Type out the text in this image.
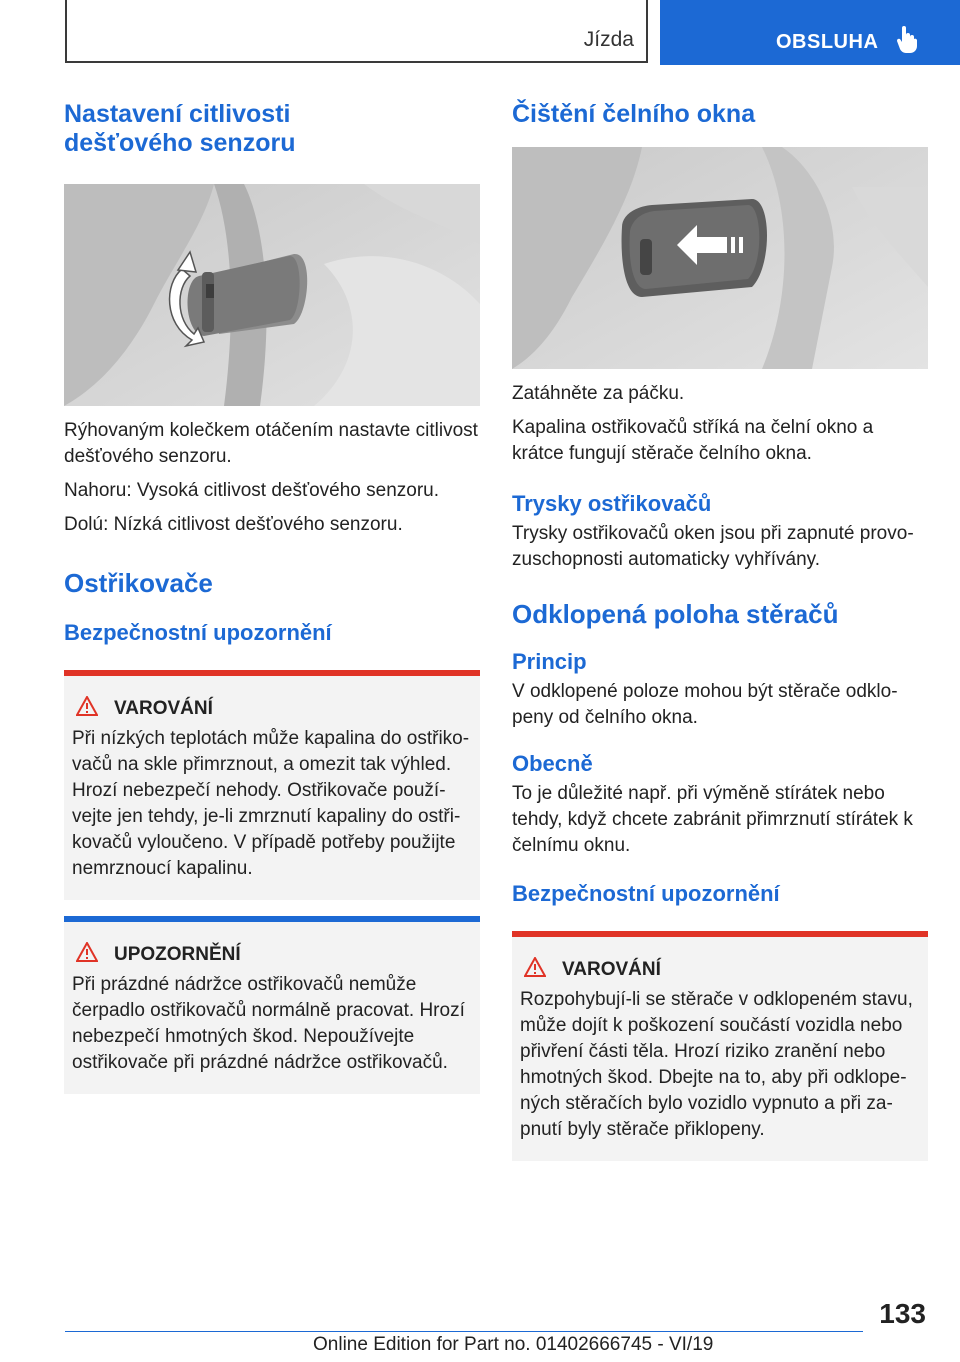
Jízda	OBSLUHA
Nastavení citlivosti dešťového senzoru

Rýhovaným kolečkem otáčením nastavte citlivost dešťového senzoru.

Nahoru: Vysoká citlivost dešťového senzoru.

Dolú: Nízká citlivost dešťového senzoru.

Ostřikovače
Bezpečnostní upozornění
VAROVÁNÍ

Při nízkých teplotách může kapalina do ostřikovačů na skle přimrznout, a omezit tak výhled. Hrozí nebezpečí nehody. Ostřikovače používejte jen tehdy, je-li zmrznutí kapaliny do ostřikovačů vyloučeno. V případě potřeby použijte nemrznoucí kapalinu.

UPOZORNĚNÍ

Při prázdné nádržce ostřikovačů nemůže čerpadlo ostřikovačů normálně pracovat. Hrozí nebezpečí hmotných škod. Nepoužívejte ostřikovače při prázdné nádržce ostřikovačů.

Čištění čelního okna

Zatáhněte za páčku.

Kapalina ostřikovačů stříká na čelní okno a krátce fungují stěrače čelního okna.

Trysky ostřikovačů

Trysky ostřikovačů oken jsou při zapnuté provozuschopnosti automaticky vyhřívány.

Odklopená poloha stěračů
Princip

V odklopené poloze mohou být stěrače odklopeny od čelního okna.

Obecně

To je důležité např. při výměně stírátek nebo tehdy, když chcete zabránit přimrznutí stírátek k čelnímu oknu.

Bezpečnostní upozornění
VAROVÁNÍ

Rozpohybují-li se stěrače v odklopeném stavu, může dojít k poškození součástí vozidla nebo přivření části těla. Hrozí riziko zranění nebo hmotných škod. Dbejte na to, aby při odklopených stěračích bylo vozidlo vypnuto a při zapnutí byly stěrače přiklopeny.

133
Online Edition for Part no. 01402666745 - VI/19
